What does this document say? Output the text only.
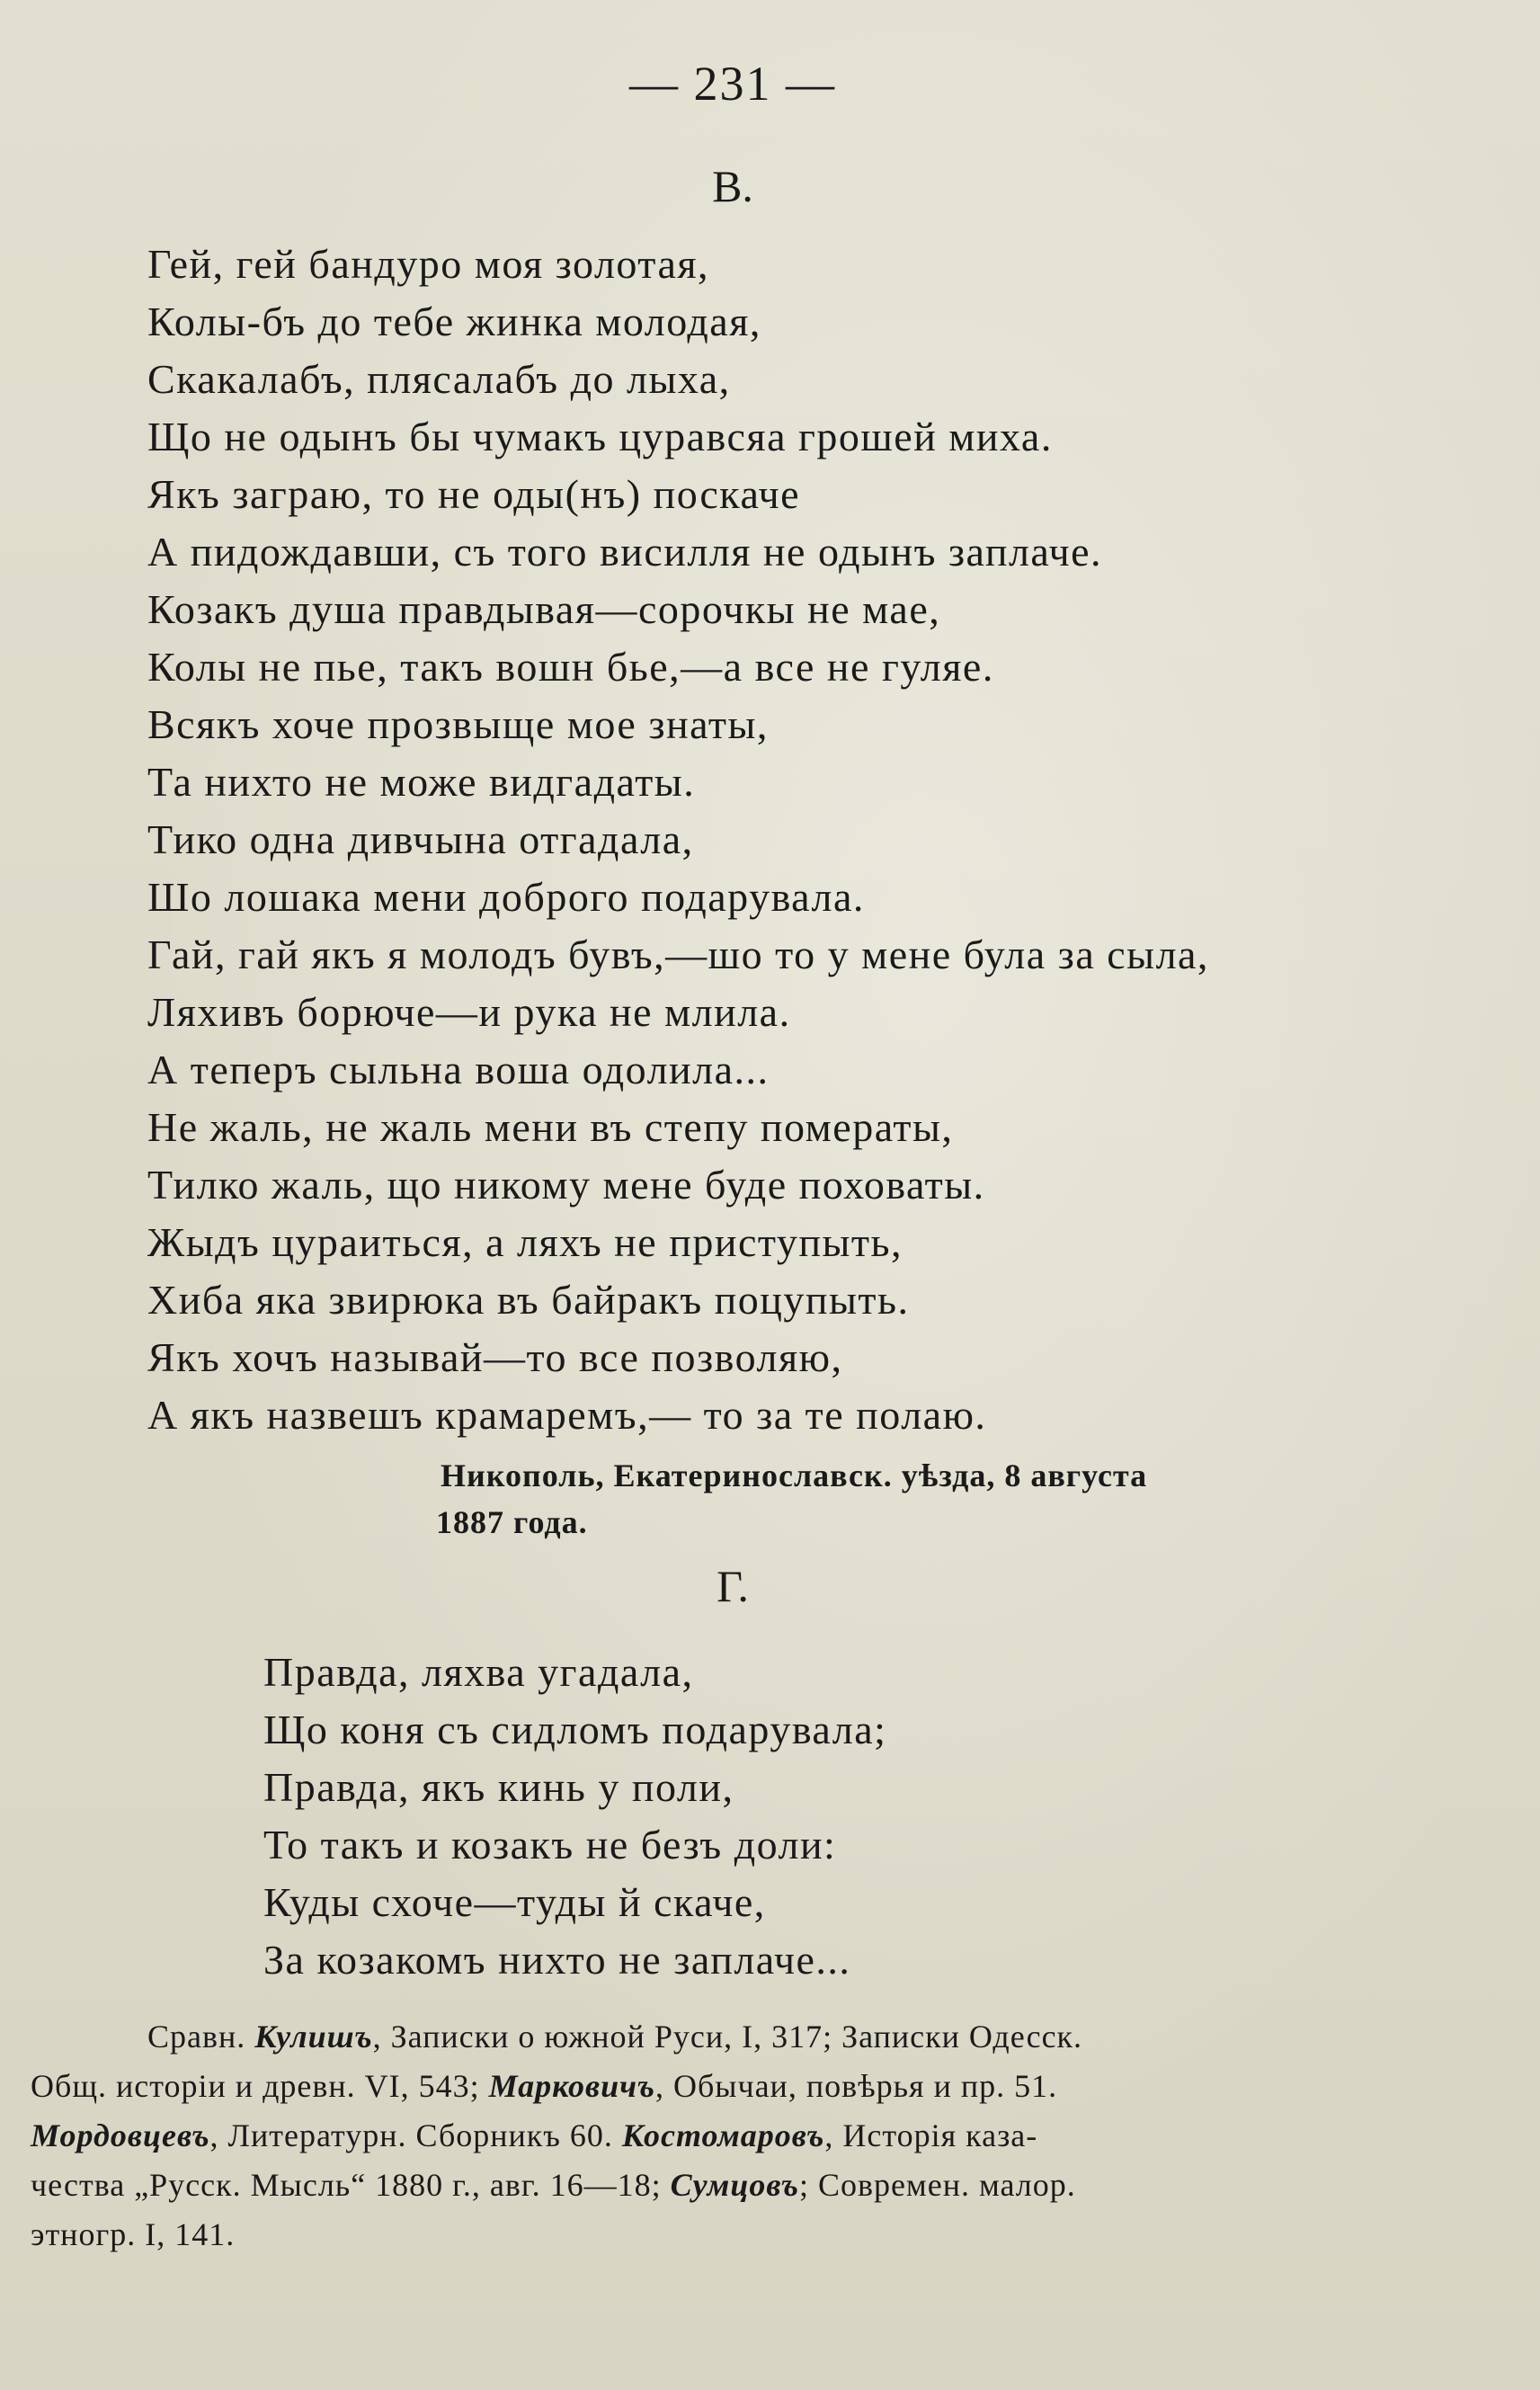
— 231 —
В.
Гей, гей бандуро моя золотая,
Колы-бъ до тебе жинка молодая,
Скакалабъ, плясалабъ до лыха,
Що не одынъ бы чумакъ цуравсяа грошей миха.
Якъ заграю, то не оды(нъ) поскаче
А пидождавши, съ того висилля не одынъ заплаче.
Козакъ душа правдывая—сорочкы не мае,
Колы не пье, такъ вошн бье,—а все не гуляе.
Всякъ хоче прозвыще мое знаты,
Та нихто не може видгадаты.
Тико одна дивчына отгадала,
Шо лошака мени доброго подарувала.
Гай, гай якъ я молодъ бувъ,—шо то у мене була за сыла,
Ляхивъ борюче—и рука не млила.
А теперъ сыльна воша одолила...
Не жаль, не жаль мени въ степу помераты,
Тилко жаль, що никому мене буде поховаты.
Жыдъ цураиться, а ляхъ не приступыть,
Хиба яка звирюка въ байракъ поцупыть.
Якъ хочъ называй—то все позволяю,
А якъ назвешъ крамаремъ,— то за те полаю.
Никополь, Екатеринославск. уѣзда, 8 августа
1887 года.
Г.
Правда, ляхва угадала,
Що коня съ сидломъ подарувала;
Правда, якъ кинь у поли,
То такъ и козакъ не безъ доли:
Куды схоче—туды й скаче,
За козакомъ нихто не заплаче...
Сравн. Кулишъ, Записки о южной Руси, I, 317; Записки Одесск.
Общ. исторіи и древн. VI, 543; Марковичъ, Обычаи, повѣрья и пр. 51.
Мордовцевъ, Литературн. Сборникъ 60. Костомаровъ, Исторія каза-
чества „Русск. Мысль“ 1880 г., авг. 16—18; Сумцовъ; Современ. малор.
этногр. I, 141.
